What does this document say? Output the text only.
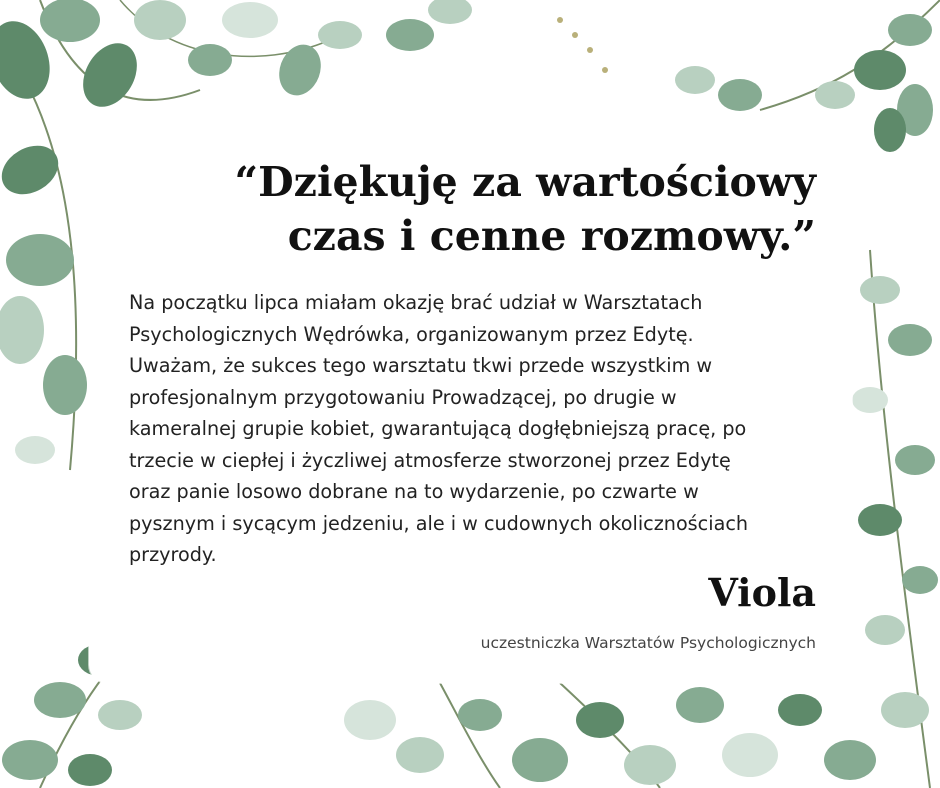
“Dziękuję za wartościowy
czas i cenne rozmowy.”

Na początku lipca miałam okazję brać udział w Warsztatach
Psychologicznych Wędrówka, organizowanym przez Edytę.
Uważam, że sukces tego warsztatu tkwi przede wszystkim w
profesjonalnym przygotowaniu Prowadzącej, po drugie w
kameralnej grupie kobiet, gwarantującą dogłębniejszą pracę, po
trzecie w ciepłej i życzliwej atmosferze stworzonej przez Edytę
oraz panie losowo dobrane na to wydarzenie, po czwarte w
pysznym i sycącym jedzeniu, ale i w cudownych okolicznościach
przyrody.

Viola

uczestniczka Warsztatów Psychologicznych
